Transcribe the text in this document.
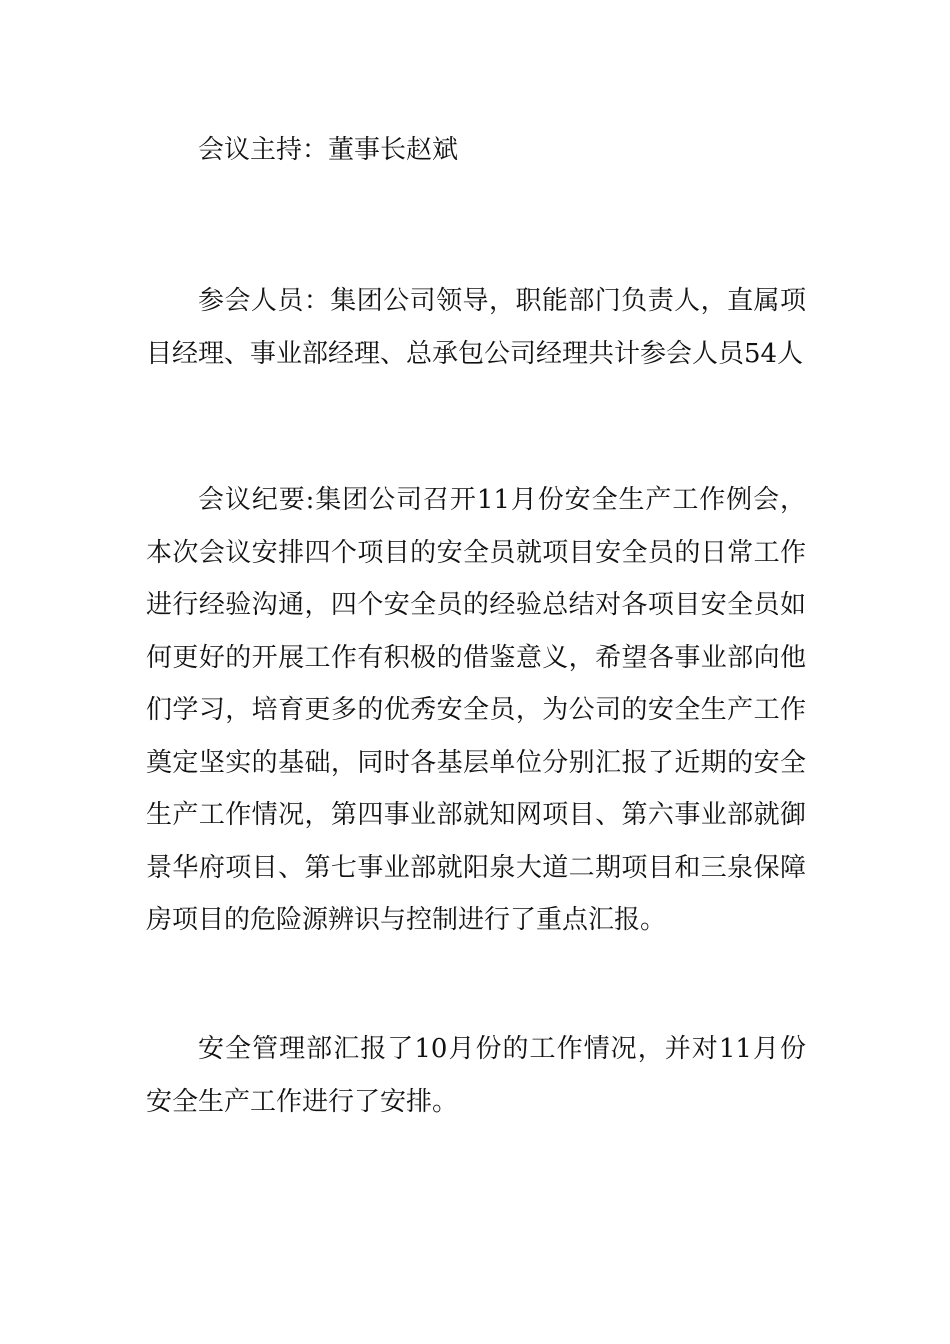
会议主持：董事长赵斌

参会人员：集团公司领导，职能部门负责人，直属项目经理、事业部经理、总承包公司经理共计参会人员54人

会议纪要:集团公司召开11月份安全生产工作例会，本次会议安排四个项目的安全员就项目安全员的日常工作进行经验沟通，四个安全员的经验总结对各项目安全员如何更好的开展工作有积极的借鉴意义，希望各事业部向他们学习，培育更多的优秀安全员，为公司的安全生产工作奠定坚实的基础，同时各基层单位分别汇报了近期的安全生产工作情况，第四事业部就知网项目、第六事业部就御景华府项目、第七事业部就阳泉大道二期项目和三泉保障房项目的危险源辨识与控制进行了重点汇报。

安全管理部汇报了10月份的工作情况，并对11月份安全生产工作进行了安排。
